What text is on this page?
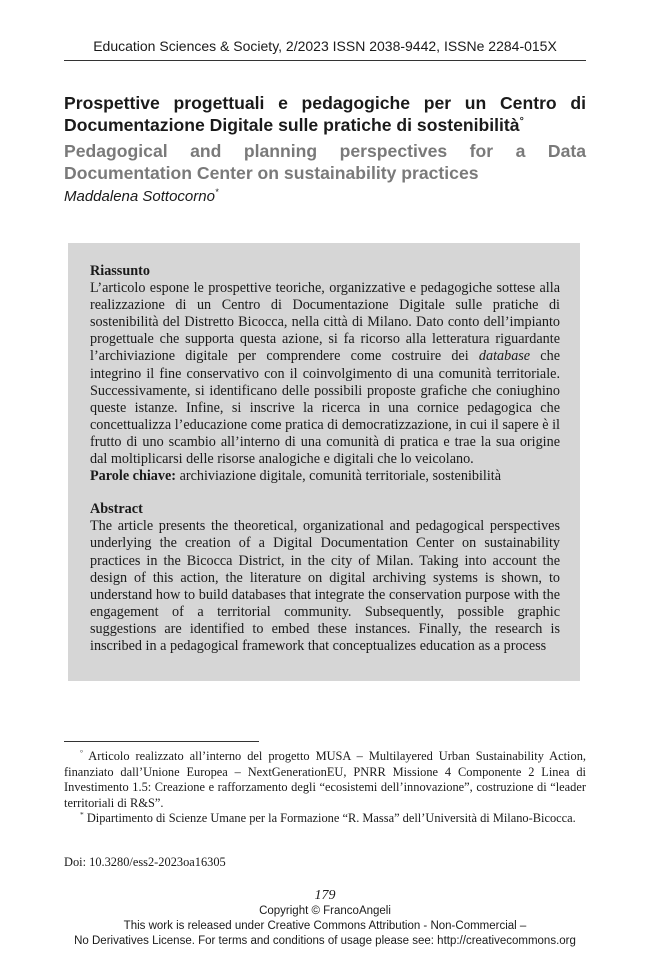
Education Sciences & Society, 2/2023 ISSN 2038-9442, ISSNe 2284-015X
Prospettive progettuali e pedagogiche per un Centro di Documentazione Digitale sulle pratiche di sostenibilità°
Pedagogical and planning perspectives for a Data
Documentation Center on sustainability practices
Maddalena Sottocorno*
Riassunto

L’articolo espone le prospettive teoriche, organizzative e pedagogiche sottese alla realizzazione di un Centro di Documentazione Digitale sulle pratiche di sostenibilità del Distretto Bicocca, nella città di Milano. Dato conto dell’impianto progettuale che supporta questa azione, si fa ricorso alla letteratura riguardante l’archiviazione digitale per comprendere come costruire dei database che integrino il fine conservativo con il coinvolgimento di una comunità territoriale. Successivamente, si identificano delle possibili proposte grafiche che coniughino queste istanze. Infine, si inscrive la ricerca in una cornice pedagogica che concettualizza l’educazione come pratica di democratizzazione, in cui il sapere è il frutto di uno scambio all’interno di una comunità di pratica e trae la sua origine dal moltiplicarsi delle risorse analogiche e digitali che lo veicolano.

Parole chiave: archiviazione digitale, comunità territoriale, sostenibilità

Abstract

The article presents the theoretical, organizational and pedagogical perspectives underlying the creation of a Digital Documentation Center on sustainability practices in the Bicocca District, in the city of Milan. Taking into account the design of this action, the literature on digital archiving systems is shown, to understand how to build databases that integrate the conservation purpose with the engagement of a territorial community. Subsequently, possible graphic suggestions are identified to embed these instances. Finally, the research is inscribed in a pedagogical framework that conceptualizes education as a process

° Articolo realizzato all’interno del progetto MUSA – Multilayered Urban Sustainability Action, finanziato dall’Unione Europea – NextGenerationEU, PNRR Missione 4 Componente 2 Linea di Investimento 1.5: Creazione e rafforzamento degli “ecosistemi dell’innovazione”, costruzione di “leader territoriali di R&S”.

* Dipartimento di Scienze Umane per la Formazione “R. Massa” dell’Università di Milano-Bicocca.

Doi: 10.3280/ess2-2023oa16305
179
Copyright © FrancoAngeli
This work is released under Creative Commons Attribution - Non-Commercial –
No Derivatives License. For terms and conditions of usage please see: http://creativecommons.org
